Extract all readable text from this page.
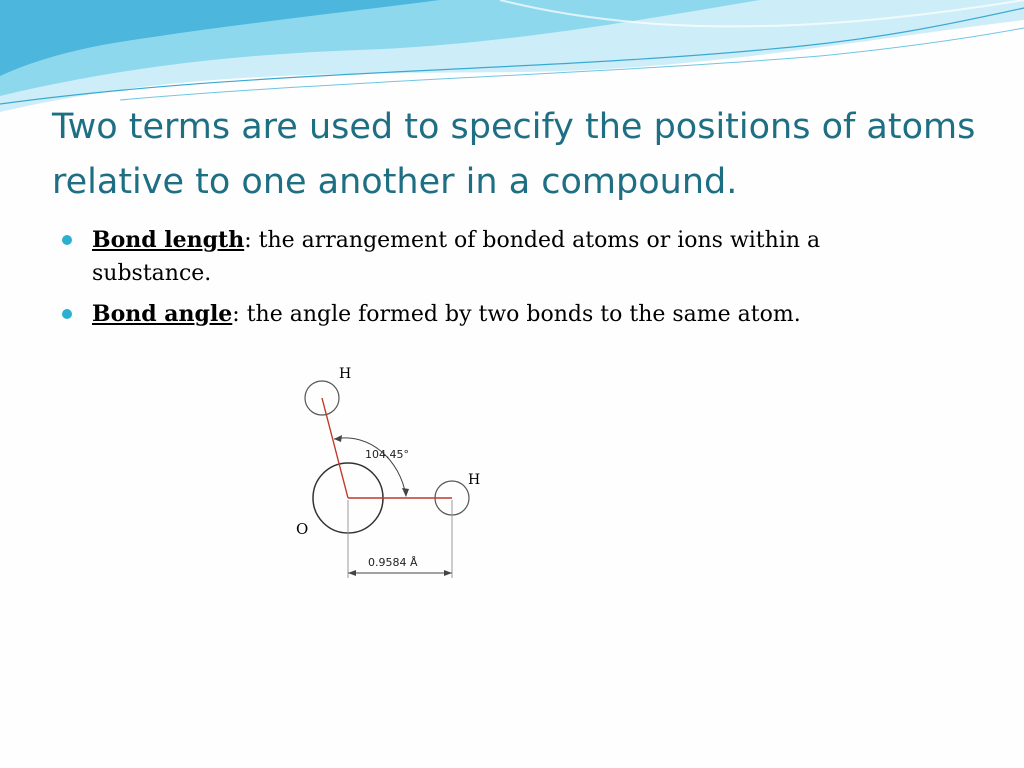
Two terms are used to specify the positions of atoms relative to one another in a compound.
Bond length: the arrangement of bonded atoms or ions within a substance.
Bond angle: the angle formed by two bonds to the same atom.
H
H
O
104.45°
0.9584 Å
